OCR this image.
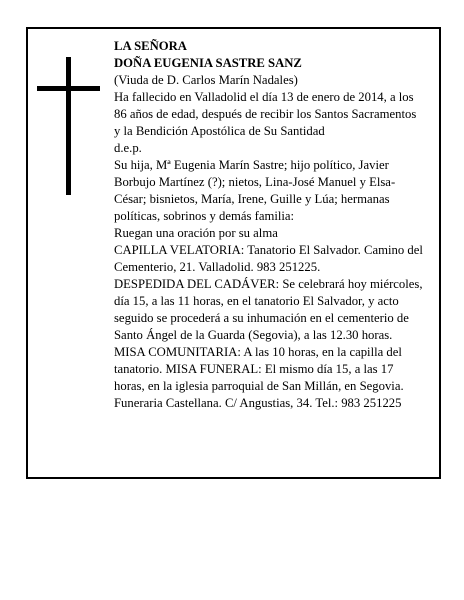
LA SEÑORA

DOÑA EUGENIA SASTRE SANZ

(Viuda de D. Carlos Marín Nadales)

Ha fallecido en Valladolid el día 13 de enero de 2014, a los 86 años de edad, después de recibir los Santos Sacramentos y la Bendición Apostólica de Su Santidad

d.e.p.

Su hija, Mª Eugenia Marín Sastre; hijo político, Javier Borbujo Martínez (?); nietos, Lina-José Manuel y Elsa-César; bisnietos, María, Irene, Guille y Lúa; hermanas políticas, sobrinos y demás familia:

Ruegan una oración por su alma

CAPILLA VELATORIA: Tanatorio El Salvador. Camino del Cementerio, 21. Valladolid. 983 251225.

DESPEDIDA DEL CADÁVER: Se celebrará hoy miércoles, día 15, a las 11 horas, en el tanatorio El Salvador, y acto seguido se procederá a su inhumación en el cementerio de Santo Ángel de la Guarda (Segovia), a las 12.30 horas.

MISA COMUNITARIA: A las 10 horas, en la capilla del tanatorio. MISA FUNERAL: El mismo día 15, a las 17 horas, en la iglesia parroquial de San Millán, en Segovia.

Funeraria Castellana. C/ Angustias, 34. Tel.: 983 251225
